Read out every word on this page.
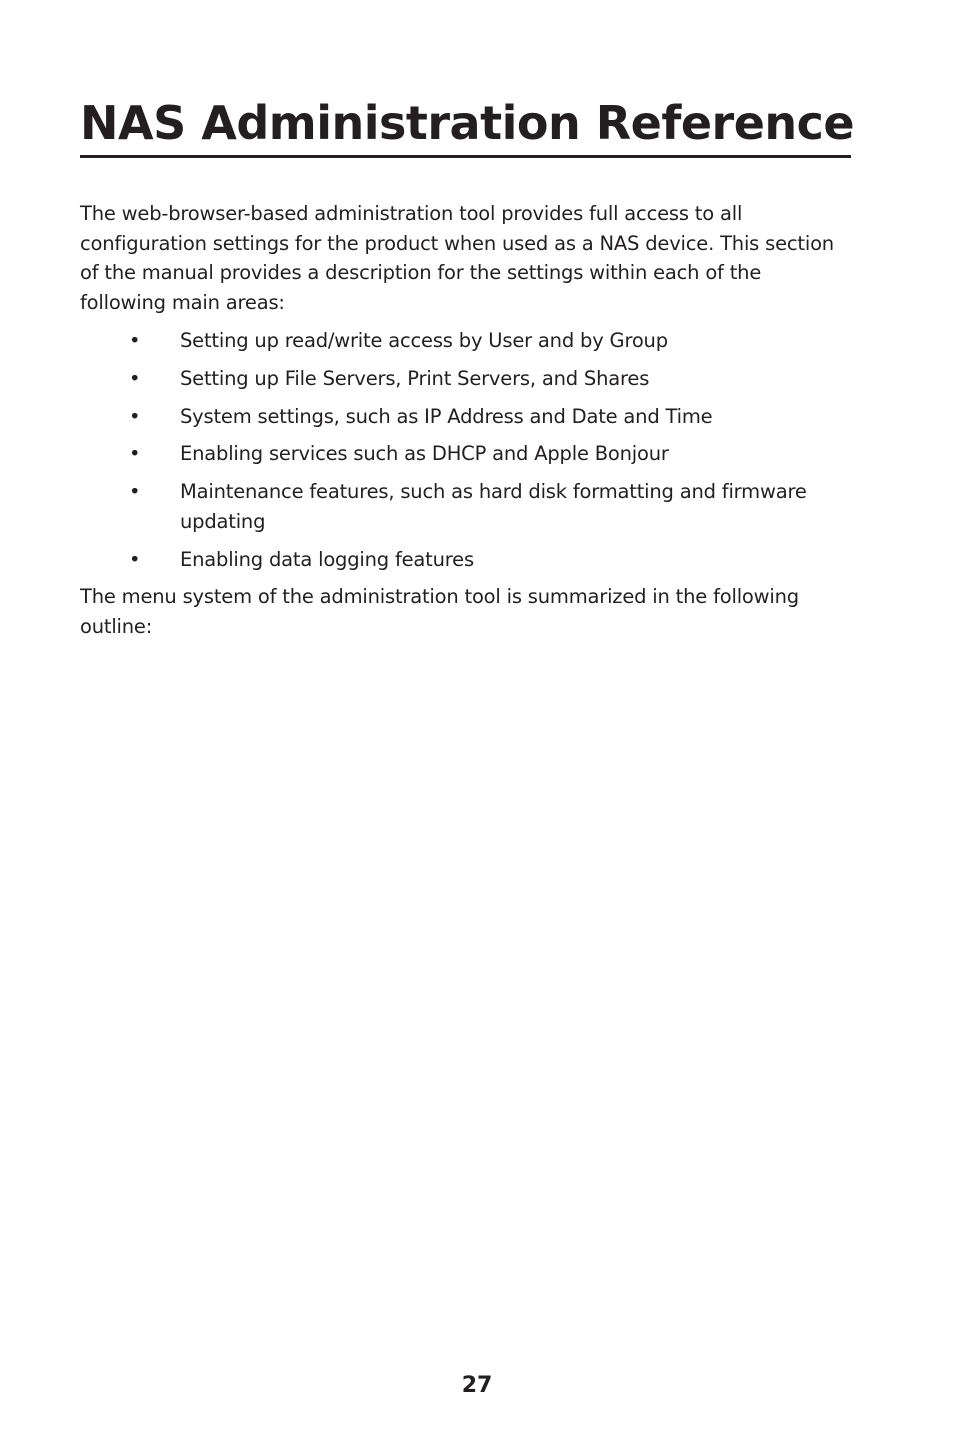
NAS Administration Reference

The web-browser-based administration tool provides full access to all configuration settings for the product when used as a NAS device. This section of the manual provides a description for the settings within each of the following main areas:

• Setting up read/write access by User and by Group
• Setting up File Servers, Print Servers, and Shares
• System settings, such as IP Address and Date and Time
• Enabling services such as DHCP and Apple Bonjour
• Maintenance features, such as hard disk formatting and firmware updating
• Enabling data logging features

The menu system of the administration tool is summarized in the following outline:

27
